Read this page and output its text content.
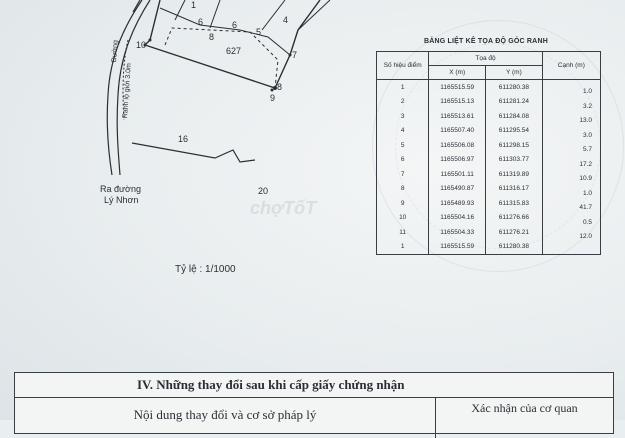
1
4
6	6
5
8
627	7
10
8
9
16
20
Đường
Ranh lộ giới 3.0m
Ra đường
Lý Nhơn
Tỷ lệ : 1/1000
chợTốT
BẢNG LIỆT KÊ TỌA ĐỘ GÓC RANH
Số hiệu điểm	Tọa độ		Cạnh (m)
	X (m)	Y (m)	
1	1165515.59	611280.38	1.0

2	1165515.13	611281.24	3.2

3	1165513.61	611284.08	13.0

4	1165507.40	611295.54	3.0

5	1165506.08	611298.15	5.7

6	1165506.97	611303.77	17.2

7	1165501.11	611319.89	10.9

8	1165490.87	611316.17	1.0

9	1165489.93	611315.83	41.7

10	1165504.16	611276.66	0.5

11	1165504.33	611276.21	12.0

1	1165515.59	611280.38	
IV. Những thay đổi sau khi cấp giấy chứng nhận
Nội dung thay đổi và cơ sở pháp lý	Xác nhận của cơ quan
